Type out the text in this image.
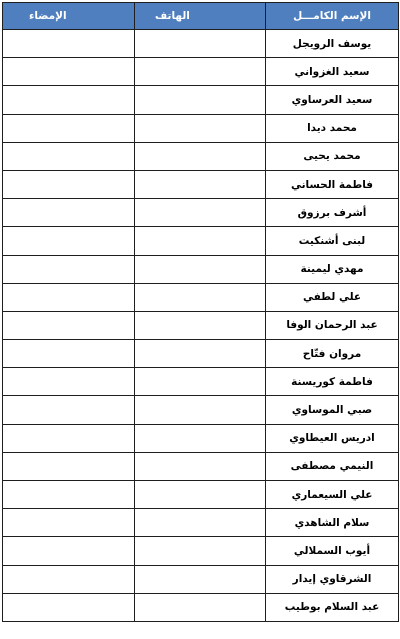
الإسم الكامـــل	الهاتف	الإمضاء
يوسف الرويجل		
سعيد الغزواني		
سعيد العرساوي		
محمد ديدا		
محمد يحيى		
فاطمة الحساني		
أشرف برزوق		
لبنى أشنكيت		
مهدي ليمينة		
علي لطفي		
عبد الرحمان الوفا		
مروان فتّاح		
فاطمة كوريسنة		
صبي الموساوي		
ادريس العيطاوي		
النيمي مصطفى		
علي السيعماري		
سلام الشاهدي		
أيوب السملالي		
الشرقاوي إيدار		
عبد السلام بوطيب		
